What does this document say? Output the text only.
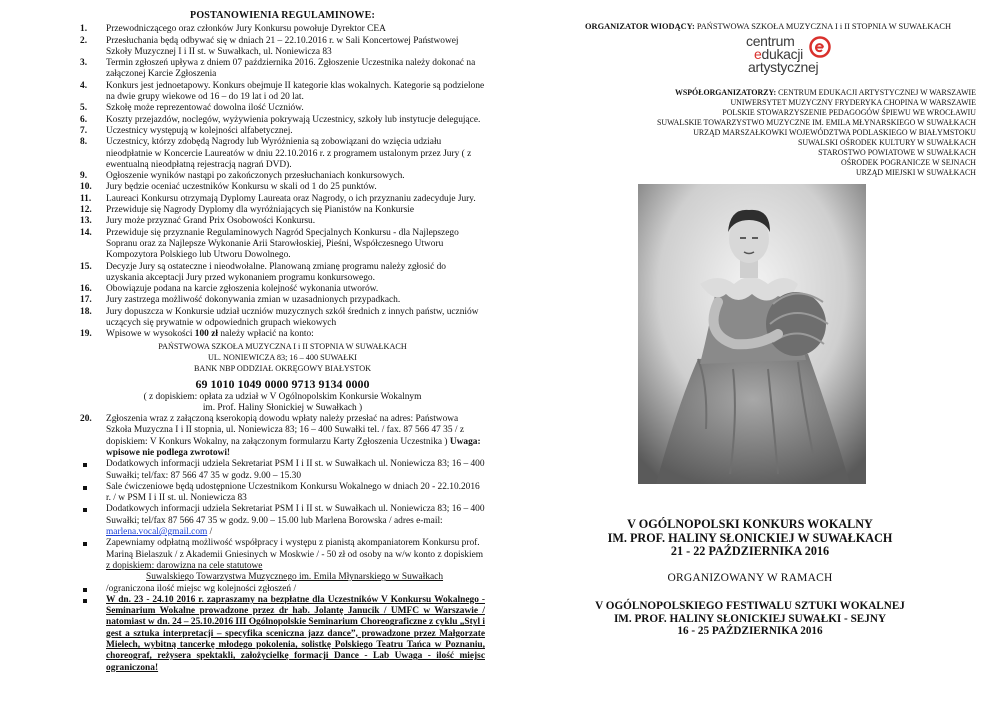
POSTANOWIENIA REGULAMINOWE:
1. Przewodniczącego oraz członków Jury Konkursu powołuje Dyrektor CEA
2. Przesłuchania będą odbywać się w dniach 21 – 22.10.2016 r. w Sali Koncertowej Państwowej Szkoły Muzycznej I i II st. w Suwałkach, ul. Noniewicza 83
3. Termin zgłoszeń upływa z dniem 07 października 2016. Zgłoszenie Uczestnika należy dokonać na załączonej Karcie Zgłoszenia
4. Konkurs jest jednoetapowy. Konkurs obejmuje II kategorie klas wokalnych. Kategorie są podzielone na dwie grupy wiekowe od 16 – do 19 lat i od 20 lat.
5. Szkołę może reprezentować dowolna ilość Uczniów.
6. Koszty przejazdów, noclegów, wyżywienia pokrywają Uczestnicy, szkoły lub instytucje delegujące.
7. Uczestnicy występują w kolejności alfabetycznej.
8. Uczestnicy, którzy zdobędą Nagrody lub Wyróżnienia są zobowiązani do wzięcia udziału nieodpłatnie w Koncercie Laureatów w dniu 22.10.2016 r. z programem ustalonym przez Jury ( z ewentualną nieodpłatną rejestracją nagrań DVD).
9. Ogłoszenie wyników nastąpi po zakończonych przesłuchaniach konkursowych.
10. Jury będzie oceniać uczestników Konkursu w skali od 1 do 25 punktów.
11. Laureaci Konkursu otrzymają Dyplomy Laureata oraz Nagrody, o ich przyznaniu zadecyduje Jury.
12. Przewiduje się Nagrody Dyplomy dla wyróżniających się Pianistów na Konkursie
13. Jury może przyznać Grand Prix Osobowości Konkursu.
14. Przewiduje się przyznanie Regulaminowych Nagród Specjalnych Konkursu - dla Najlepszego Sopranu oraz za Najlepsze Wykonanie Arii Starowłoskiej, Pieśni, Współczesnego Utworu Kompozytora Polskiego lub Utworu Dowolnego.
15. Decyzje Jury są ostateczne i nieodwołalne. Planowaną zmianę programu należy zgłosić do uzyskania akceptacji Jury przed wykonaniem programu konkursowego.
16. Obowiązuje podana na karcie zgłoszenia kolejność wykonania utworów.
17. Jury zastrzega możliwość dokonywania zmian w uzasadnionych przypadkach.
18. Jury dopuszcza w Konkursie udział uczniów muzycznych szkół średnich z innych państw, uczniów uczących się prywatnie w odpowiednich grupach wiekowych
19. Wpisowe w wysokości 100 zł należy wpłacić na konto:
PAŃSTWOWA SZKOŁA MUZYCZNA I i II STOPNIA W SUWAŁKACH
UL. NONIEWICZA 83; 16 – 400 SUWAŁKI
BANK NBP ODDZIAŁ OKRĘGOWY BIAŁYSTOK
69 1010 1049 0000 9713 9134 0000
( z dopiskiem: opłata za udział w V Ogólnopolskim Konkursie Wokalnym
im. Prof. Haliny Słonickiej w Suwałkach )
20. Zgłoszenia wraz z załączoną kserokopią dowodu wpłaty należy przesłać na adres: Państwowa Szkoła Muzyczna I i II stopnia, ul. Noniewicza 83; 16 – 400 Suwałki tel. / fax. 87 566 47 35 / z dopiskiem: V Konkurs Wokalny, na załączonym formularzu Karty Zgłoszenia Uczestnika ) Uwaga: wpisowe nie podlega zwrotowi!
Dodatkowych informacji udziela Sekretariat PSM I i II st. w Suwałkach ul. Noniewicza 83; 16 – 400 Suwałki; tel/fax: 87 566 47 35 w godz. 9.00 – 15.30
Sale ćwiczeniowe będą udostępnione Uczestnikom Konkursu Wokalnego w dniach 20 - 22.10.2016 r. / w PSM I i II st. ul. Noniewicza 83
Dodatkowych informacji udziela Sekretariat PSM I i II st. w Suwałkach ul. Noniewicza 83; 16 – 400 Suwałki; tel/fax 87 566 47 35 w godz. 9.00 – 15.00 lub Marlena Borowska / adres e-mail: marlena.vocal@gmail.com /
Zapewniamy odpłatną możliwość współpracy i występu z pianistą akompaniatorem Konkursu prof. Mariną Bielaszuk / z Akademii Gniesinych w Moskwie / - 50 zł od osoby na w/w konto z dopiskiem z dopiskiem: darowizna na cele statutowe
Suwalskiego Towarzystwa Muzycznego im. Emila Młynarskiego w Suwałkach
/ograniczona ilość miejsc wg kolejności zgłoszeń /
W dn. 23 - 24.10 2016 r. zapraszamy na bezpłatne dla Uczestników V Konkursu Wokalnego - Seminarium Wokalne prowadzone przez dr hab. Jolantę Janucik / UMFC w Warszawie / natomiast w dn. 24 – 25.10.2016 III Ogólnopolskie Seminarium Choreograficzne z cyklu „Styl i gest a sztuka interpretacji – specyfika sceniczna jazz dance”, prowadzone przez Małgorzate Mielech, wybitną tancerkę młodego pokolenia, solistkę Polskiego Teatru Tańca w Poznaniu, choreograf, reżysera spektakli, założycielkę formacji Dance - Lab Uwaga - ilość miejsc ograniczona!
ORGANIZATOR WIODĄCY: PAŃSTWOWA SZKOŁA MUZYCZNA I i II STOPNIA W SUWAŁKACH
centrum
edukacji
artystycznej
WSPÓŁORGANIZATORZY: CENTRUM EDUKACJI ARTYSTYCZNEJ W WARSZAWIE
UNIWERSYTET MUZYCZNY FRYDERYKA CHOPINA W WARSZAWIE
POLSKIE STOWARZYSZENIE PEDAGOGÓW ŚPIEWU WE WROCŁAWIU
SUWALSKIE TOWARZYSTWO MUZYCZNE IM. EMILA MŁYNARSKIEGO W SUWAŁKACH
URZĄD MARSZAŁKOWKI WOJEWÓDZTWA PODLASKIEGO W BIAŁYMSTOKU
SUWALSKI OŚRODEK KULTURY W SUWAŁKACH
STAROSTWO POWIATOWE W SUWAŁKACH
OŚRODEK POGRANICZE W SEJNACH
URZĄD MIEJSKI W SUWAŁKACH
V OGÓLNOPOLSKI KONKURS WOKALNY
IM. PROF. HALINY SŁONICKIEJ W SUWAŁKACH
21 - 22 PAŹDZIERNIKA 2016
ORGANIZOWANY W RAMACH
V OGÓLNOPOLSKIEGO FESTIWALU SZTUKI WOKALNEJ
IM. PROF. HALINY SŁONICKIEJ SUWAŁKI - SEJNY
16 - 25 PAŹDZIERNIKA 2016
